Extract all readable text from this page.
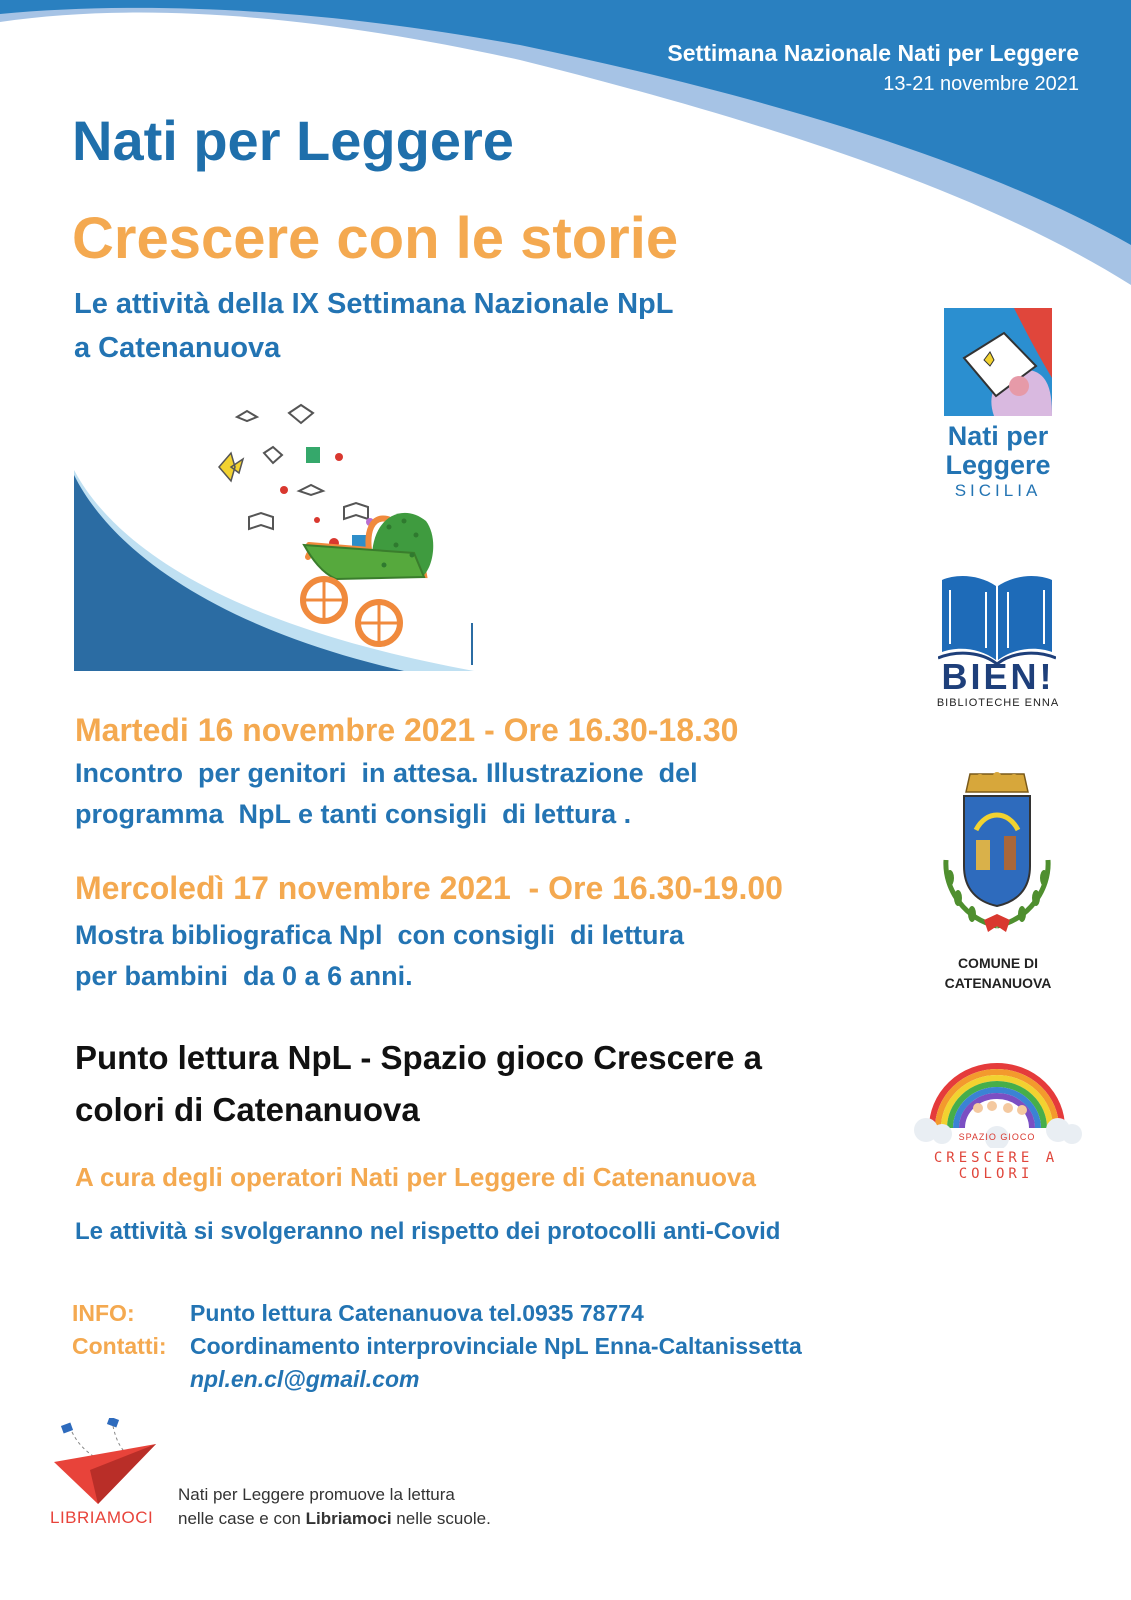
Settimana Nazionale Nati per Leggere
13-21 novembre 2021
Nati per Leggere
Crescere con le storie
Le attività della IX Settimana Nazionale NpL
a Catenanuova
Martedi 16 novembre 2021 - Ore 16.30-18.30
Incontro  per genitori  in attesa. Illustrazione  del
programma  NpL e tanti consigli  di lettura .
Mercoledì 17 novembre 2021  - Ore 16.30-19.00
Mostra bibliografica Npl  con consigli  di lettura
per bambini  da 0 a 6 anni.
Punto lettura NpL - Spazio gioco Crescere a
colori di Catenanuova
A cura degli operatori Nati per Leggere di Catenanuova
Le attività si svolgeranno nel rispetto dei protocolli anti-Covid
INFO: Punto lettura Catenanuova tel.0935 78774
Contatti: Coordinamento interprovinciale NpL Enna-Caltanissetta
npl.en.cl@gmail.com
Nati per
Leggere
SICILIA
BIEN!
BIBLIOTECHE ENNA
COMUNE DI
CATENANUOVA
SPAZIO GIOCO
CRESCERE A COLORI
LIBRIAMOCI
Nati per Leggere promuove la lettura
nelle case e con Libriamoci nelle scuole.
